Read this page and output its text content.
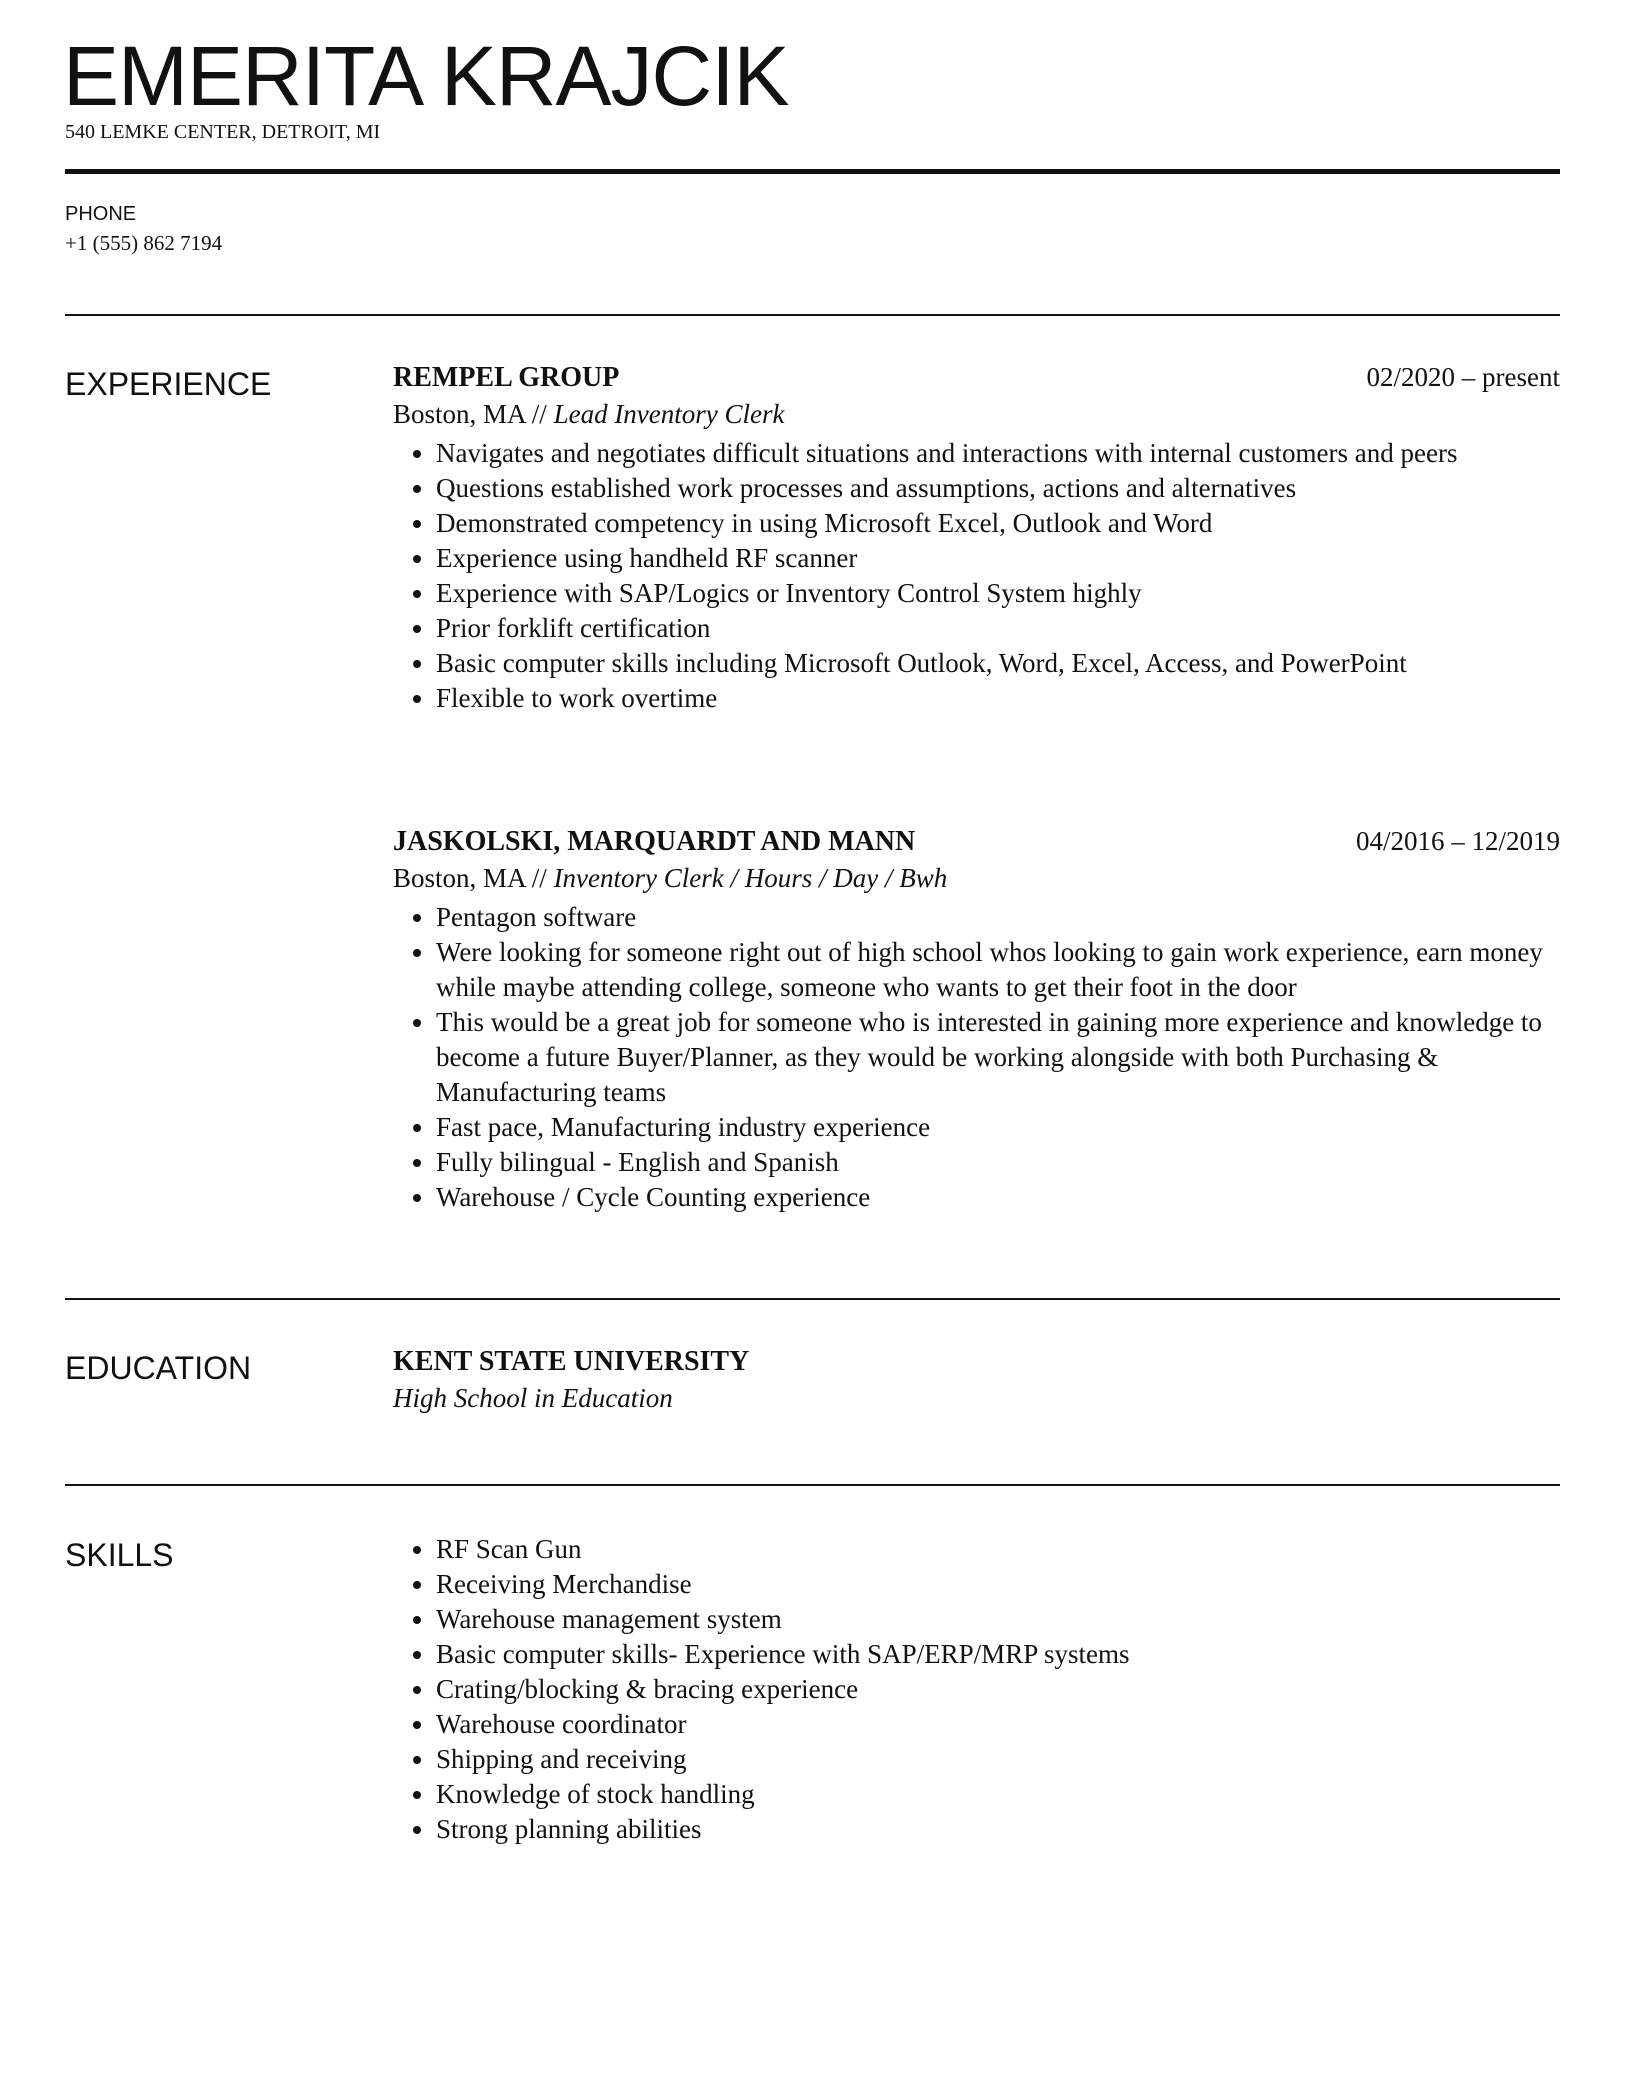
EMERITA KRAJCIK
540 LEMKE CENTER, DETROIT, MI
PHONE
+1 (555) 862 7194
EXPERIENCE	REMPEL GROUP	02/2020 – present
Boston, MA // Lead Inventory Clerk
• Navigates and negotiates difficult situations and interactions with internal customers and peers
• Questions established work processes and assumptions, actions and alternatives
• Demonstrated competency in using Microsoft Excel, Outlook and Word
• Experience using handheld RF scanner
• Experience with SAP/Logics or Inventory Control System highly
• Prior forklift certification
• Basic computer skills including Microsoft Outlook, Word, Excel, Access, and PowerPoint
• Flexible to work overtime
JASKOLSKI, MARQUARDT AND MANN	04/2016 – 12/2019
Boston, MA // Inventory Clerk / Hours / Day / Bwh
• Pentagon software
• Were looking for someone right out of high school whos looking to gain work experience, earn money while maybe attending college, someone who wants to get their foot in the door
• This would be a great job for someone who is interested in gaining more experience and knowledge to become a future Buyer/Planner, as they would be working alongside with both Purchasing & Manufacturing teams
• Fast pace, Manufacturing industry experience
• Fully bilingual - English and Spanish
• Warehouse / Cycle Counting experience
EDUCATION	KENT STATE UNIVERSITY
High School in Education
SKILLS	• RF Scan Gun
• Receiving Merchandise
• Warehouse management system
• Basic computer skills- Experience with SAP/ERP/MRP systems
• Crating/blocking & bracing experience
• Warehouse coordinator
• Shipping and receiving
• Knowledge of stock handling
• Strong planning abilities
